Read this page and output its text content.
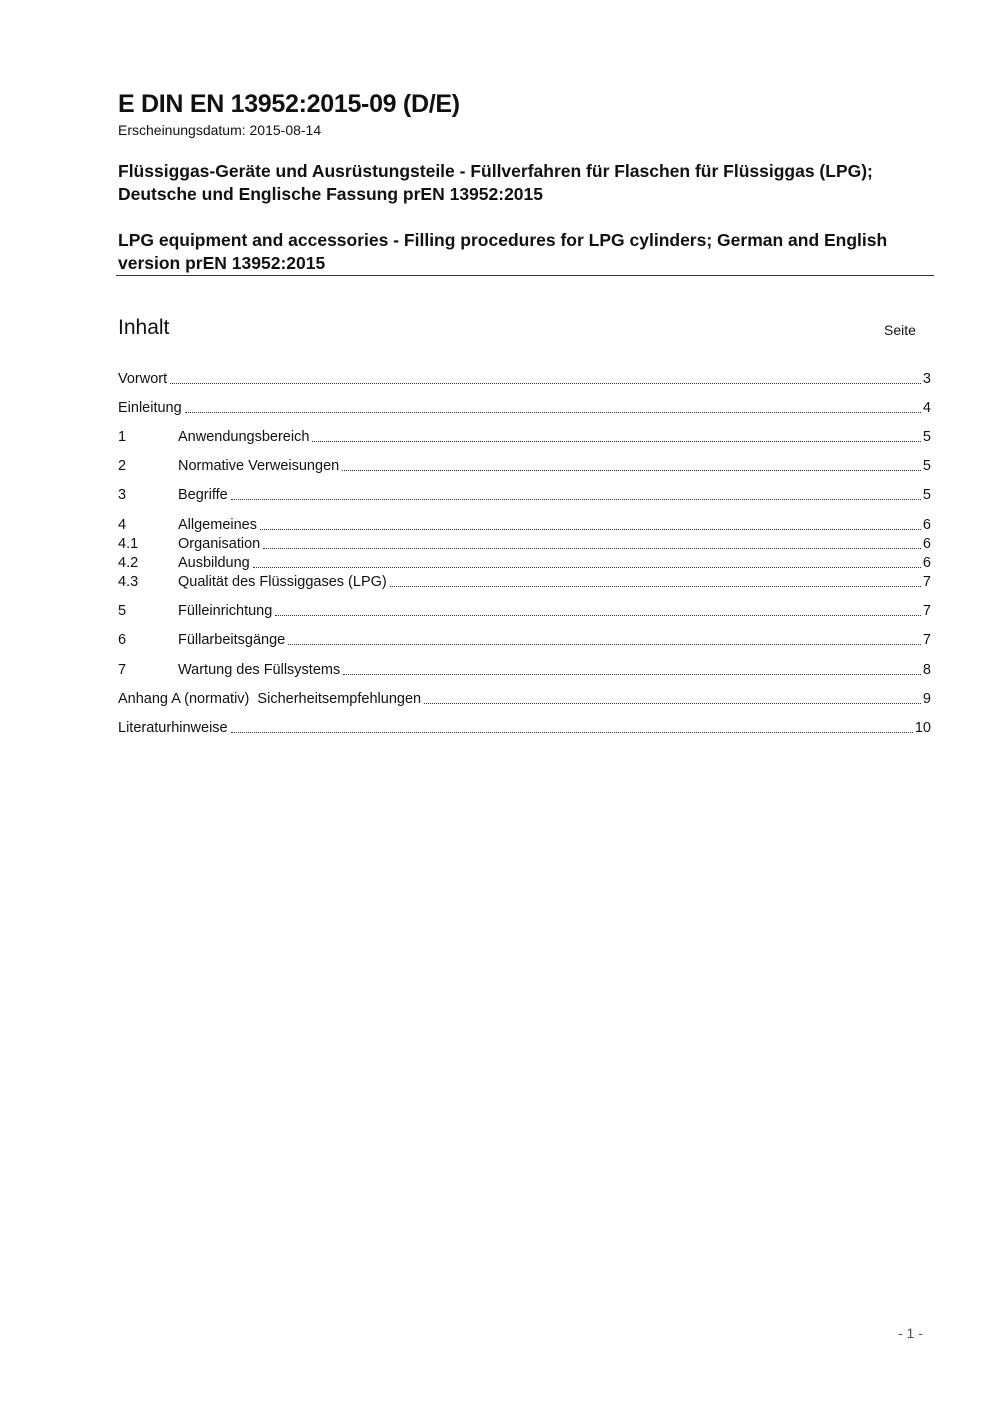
E DIN EN 13952:2015-09 (D/E)
Erscheinungsdatum: 2015-08-14
Flüssiggas-Geräte und Ausrüstungsteile - Füllverfahren für Flaschen für Flüssiggas (LPG); Deutsche und Englische Fassung prEN 13952:2015
LPG equipment and accessories - Filling procedures for LPG cylinders; German and English version prEN 13952:2015
Inhalt	Seite
Vorwort	3
Einleitung	4
1	Anwendungsbereich	5
2	Normative Verweisungen	5
3	Begriffe	5
4	Allgemeines	6
4.1	Organisation	6
4.2	Ausbildung	6
4.3	Qualität des Flüssiggases (LPG)	7
5	Fülleinrichtung	7
6	Füllarbeitsgänge	7
7	Wartung des Füllsystems	8
Anhang A (normativ)  Sicherheitsempfehlungen	9
Literaturhinweise	10
- 1 -
